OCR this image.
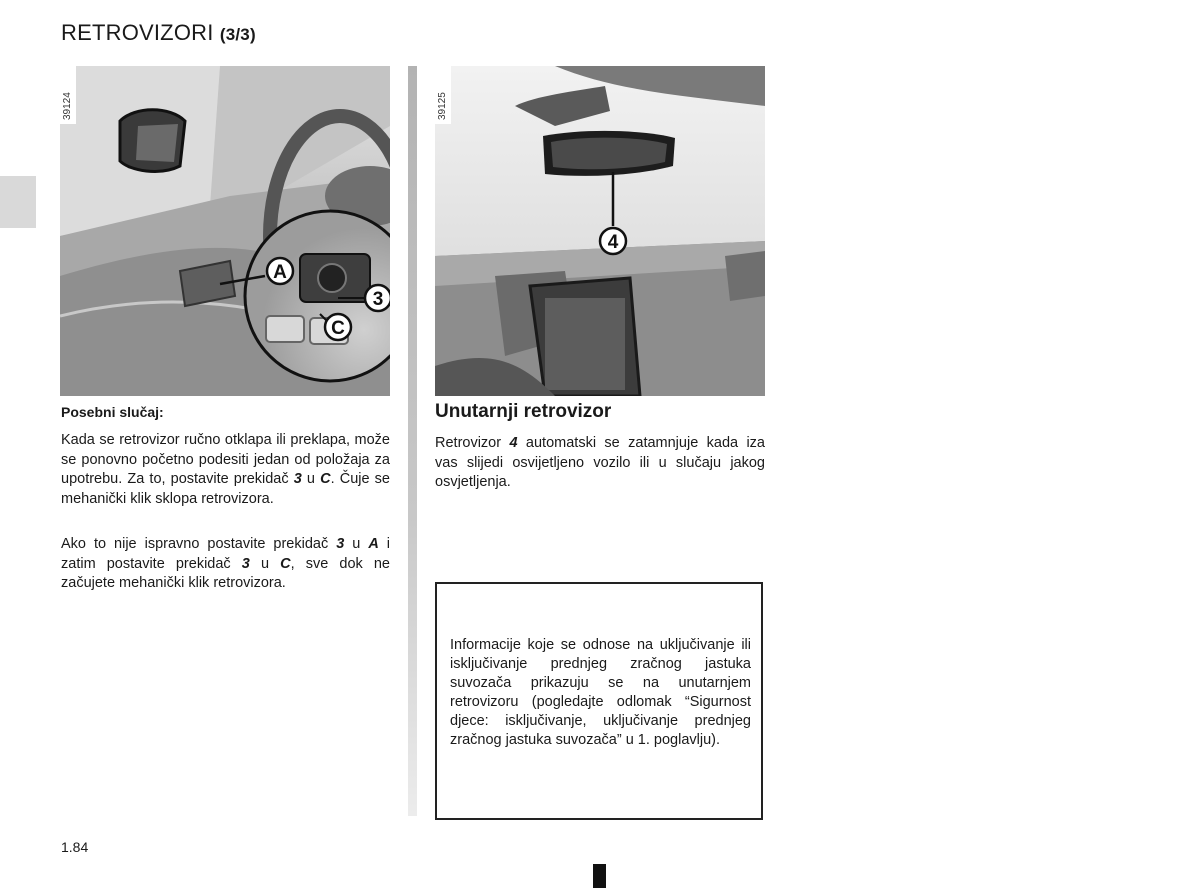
RETROVIZORI (3/3)
A
3
C
39124
4
39125
Posebni slučaj:
Kada se retrovizor ručno otklapa ili preklapa, može se ponovno početno podesiti jedan od položaja za upotrebu. Za to, postavite prekidač 3 u C. Čuje se mehanički klik sklopa retrovizora.
Ako to nije ispravno postavite prekidač 3 u A i zatim postavite prekidač 3 u C, sve dok ne začujete mehanički klik retrovizora.
Unutarnji retrovizor
Retrovizor 4 automatski se zatamnjuje kada iza vas slijedi osvijetljeno vozilo ili u slučaju jakog osvjetljenja.

Informacije koje se odnose na uključivanje ili isključivanje prednjeg zračnog jastuka suvozača prikazuju se na unutarnjem retrovizoru (pogledajte odlomak “Sigurnost djece: isključivanje, uključivanje prednjeg zračnog jastuka suvozača” u 1. poglavlju).

1.84
